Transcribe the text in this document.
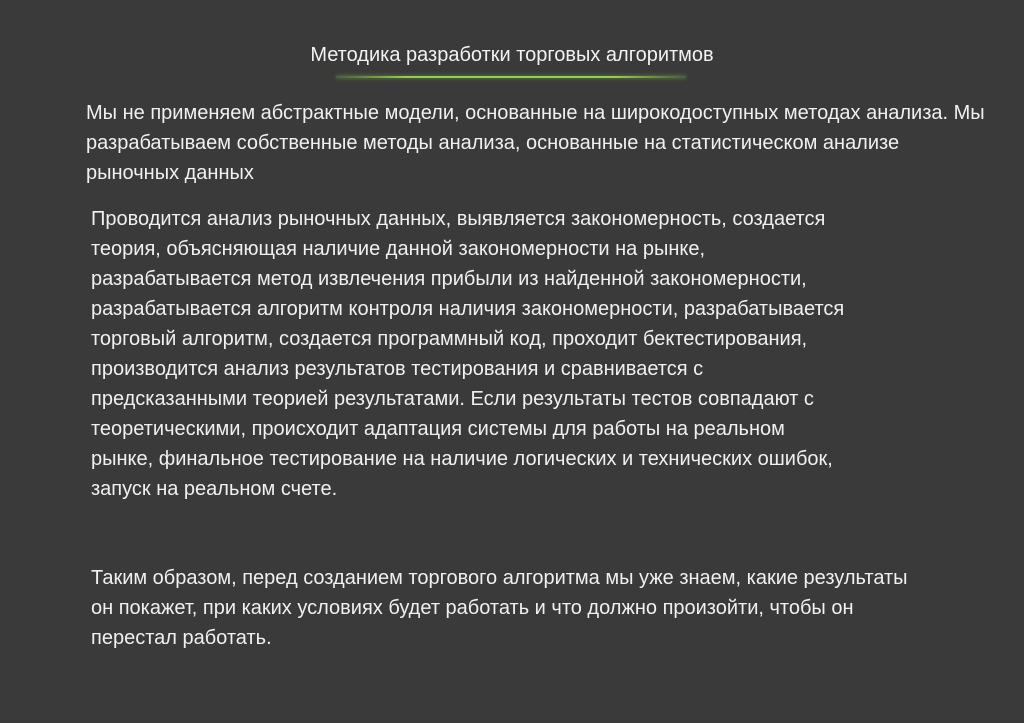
Методика разработки торговых алгоритмов

Мы не применяем абстрактные модели, основанные на широкодоступных методах анализа. Мы разрабатываем собственные методы анализа, основанные на статистическом анализе рыночных данных

Проводится анализ рыночных данных, выявляется закономерность, создается теория, объясняющая наличие данной закономерности на рынке, разрабатывается метод извлечения прибыли из найденной закономерности, разрабатывается алгоритм контроля наличия закономерности, разрабатывается торговый алгоритм, создается программный код, проходит бектестирования, производится анализ результатов тестирования и сравнивается с предсказанными теорией результатами. Если результаты тестов совпадают с теоретическими, происходит адаптация системы для работы на реальном рынке, финальное тестирование на наличие логических и технических ошибок, запуск на реальном счете.

Таким образом, перед созданием торгового алгоритма мы уже знаем, какие результаты он покажет, при каких условиях будет работать и что должно произойти, чтобы он перестал работать.
